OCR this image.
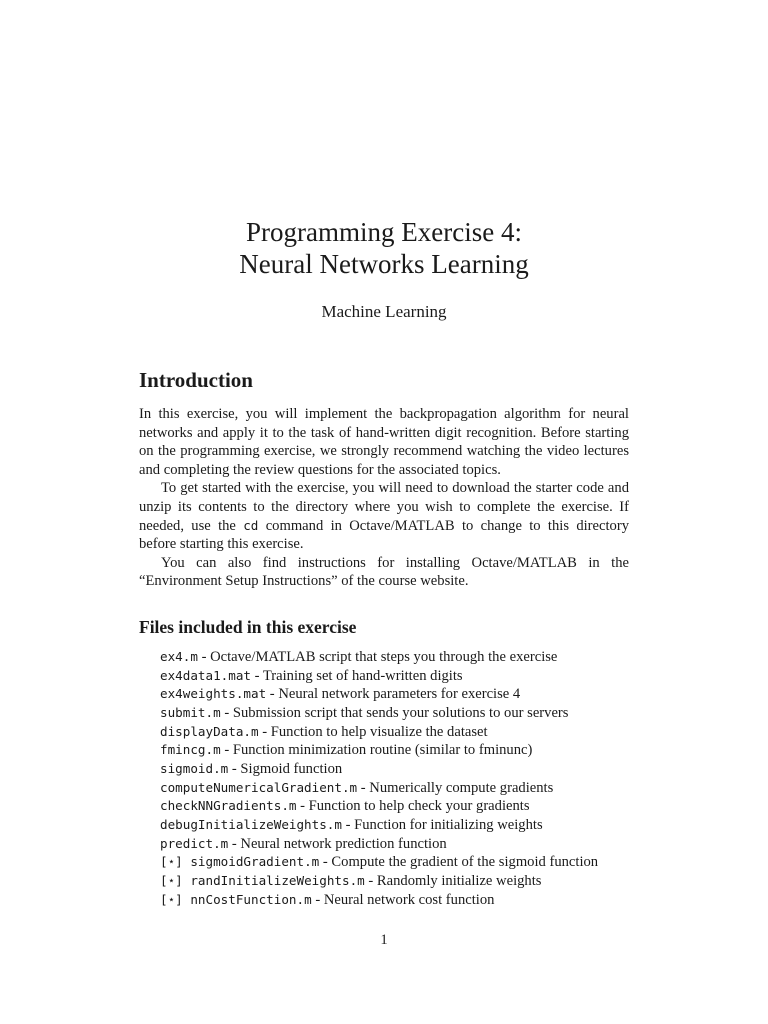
Programming Exercise 4:
Neural Networks Learning
Machine Learning
Introduction

In this exercise, you will implement the backpropagation algorithm for neural networks and apply it to the task of hand-written digit recognition. Before starting on the programming exercise, we strongly recommend watching the video lectures and completing the review questions for the associated topics.

To get started with the exercise, you will need to download the starter code and unzip its contents to the directory where you wish to complete the exercise. If needed, use the cd command in Octave/MATLAB to change to this directory before starting this exercise.

You can also find instructions for installing Octave/MATLAB in the “Environment Setup Instructions” of the course website.

Files included in this exercise
ex4.m - Octave/MATLAB script that steps you through the exercise
ex4data1.mat - Training set of hand-written digits
ex4weights.mat - Neural network parameters for exercise 4
submit.m - Submission script that sends your solutions to our servers
displayData.m - Function to help visualize the dataset
fmincg.m - Function minimization routine (similar to fminunc)
sigmoid.m - Sigmoid function
computeNumericalGradient.m - Numerically compute gradients
checkNNGradients.m - Function to help check your gradients
debugInitializeWeights.m - Function for initializing weights
predict.m - Neural network prediction function
[⋆] sigmoidGradient.m - Compute the gradient of the sigmoid function
[⋆] randInitializeWeights.m - Randomly initialize weights
[⋆] nnCostFunction.m - Neural network cost function
1
